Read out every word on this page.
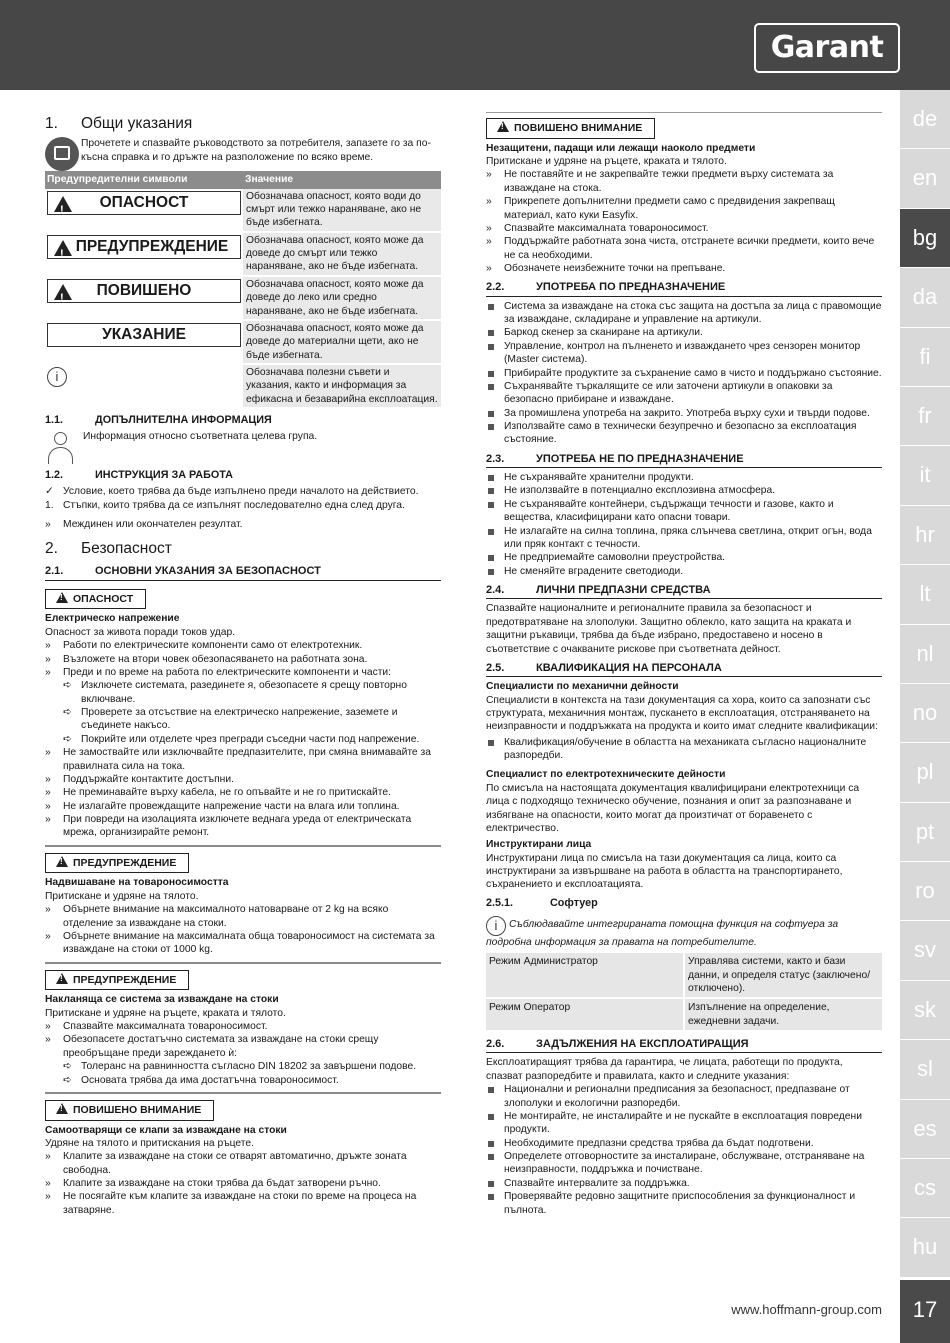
Garant
de
en
bg
da
fi
fr
it
hr
lt
nl
no
pl
pt
ro
sv
sk
sl
es
cs
hu
17
www.hoffmann-group.com
1. Общи указания

Прочетете и спазвайте ръководството за потребителя, запазете го за по-късна справка и го дръжте на разположение по всяко време.

Предупредителни символи	Значение

!
ОПАСНОСТ	Обозначава опасност, която води до смърт или тежко нараняване, ако не бъде избегната.

!
ПРЕДУПРЕЖДЕНИЕ	Обозначава опасност, която може да доведе до смърт или тежко нараняване, ако не бъде избегната.

!
ПОВИШЕНО	Обозначава опасност, която може да доведе до леко или средно нараняване, ако не бъде избегната.

УКАЗАНИЕ	Обозначава опасност, която може да доведе до материални щети, ако не бъде избегната.
i	Обозначава полезни съвети и указания, както и информация за ефикасна и безаварийна експлоатация.
1.1.	ДОПЪЛНИТЕЛНА ИНФОРМАЦИЯ

Информация относно съответната целева група.

1.2.	ИНСТРУКЦИЯ ЗА РАБОТА
✓ Условие, което трябва да бъде изпълнено преди началото на действието.
1. Стъпки, които трябва да се изпълнят последователно една след друга.
» Междинен или окончателен резултат.
2. Безопасност
2.1.	ОСНОВНИ УКАЗАНИЯ ЗА БЕЗОПАСНОСТ
!ОПАСНОСТ

Електрическо напрежение

Опасност за живота поради токов удар.

» Работи по електрическите компоненти само от електротехник.
» Възложете на втори човек обезопасяването на работната зона.
» Преди и по време на работа по електрическите компоненти и части:
➪ Изключете системата, разединете я, обезопасете я срещу повторно включване.
➪ Проверете за отсъствие на електрическо напрежение, заземете и съединете накъсо.
➪ Покрийте или отделете чрез прегради съседни части под напрежение.
» Не замоствайте или изключвайте предпазителите, при смяна внимавайте за правилната сила на тока.
» Поддържайте контактите достъпни.
» Не преминавайте върху кабела, не го опъвайте и не го притискайте.
» Не излагайте провеждащите напрежение части на влага или топлина.
» При повреди на изолацията изключете веднага уреда от електрическата мрежа, организирайте ремонт.
!ПРЕДУПРЕЖДЕНИЕ

Надвишаване на товароносимостта

Притискане и удряне на тялото.

» Обърнете внимание на максималното натоварване от 2 kg на всяко отделение за изваждане на стоки.
» Обърнете внимание на максималната обща товароносимост на системата за изваждане на стоки от 1000 kg.
!ПРЕДУПРЕЖДЕНИЕ

Накланяща се система за изваждане на стоки

Притискане и удряне на ръцете, краката и тялото.

» Спазвайте максималната товароносимост.
» Обезопасете достатъчно системата за изваждане на стоки срещу преобръщане преди зареждането ѝ:
➪ Толеранс на равнинността съгласно DIN 18202 за завършени подове.
➪ Основата трябва да има достатъчна товароносимост.
!ПОВИШЕНО ВНИМАНИЕ

Самоотварящи се клапи за изваждане на стоки

Удряне на тялото и притискания на ръцете.

» Клапите за изваждане на стоки се отварят автоматично, дръжте зоната свободна.
» Клапите за изваждане на стоки трябва да бъдат затворени ръчно.
» Не посягайте към клапите за изваждане на стоки по време на процеса на затваряне.
!ПОВИШЕНО ВНИМАНИЕ

Незащитени, падащи или лежащи наоколо предмети

Притискане и удряне на ръцете, краката и тялото.

» Не поставяйте и не закрепвайте тежки предмети върху системата за изваждане на стока.
» Прикрепете допълнителни предмети само с предвидения закрепващ материал, като куки Easyfix.
» Спазвайте максималната товароносимост.
» Поддържайте работната зона чиста, отстранете всички предмети, които вече не са необходими.
» Обозначете неизбежните точки на препъване.
2.2.	УПОТРЕБА ПО ПРЕДНАЗНАЧЕНИЕ
Система за изваждане на стока със защита на достъпа за лица с правомощие за изваждане, складиране и управление на артикули.
Баркод скенер за сканиране на артикули.
Управление, контрол на пълненето и изваждането чрез сензорен монитор (Master система).
Прибирайте продуктите за съхранение само в чисто и поддържано състояние.
Съхранявайте търкалящите се или заточени артикули в опаковки за безопасно прибиране и изваждане.
За промишлена употреба на закрито. Употреба върху сухи и твърди подове.
Използвайте само в технически безупречно и безопасно за експлоатация състояние.
2.3.	УПОТРЕБА НЕ ПО ПРЕДНАЗНАЧЕНИЕ
Не съхранявайте хранителни продукти.
Не използвайте в потенциално експлозивна атмосфера.
Не съхранявайте контейнери, съдържащи течности и газове, както и вещества, класифицирани като опасни товари.
Не излагайте на силна топлина, пряка слънчева светлина, открит огън, вода или пряк контакт с течности.
Не предприемайте самоволни преустройства.
Не сменяйте вградените светодиоди.
2.4.	ЛИЧНИ ПРЕДПАЗНИ СРЕДСТВА

Спазвайте националните и регионалните правила за безопасност и предотвратяване на злополуки. Защитно облекло, като защита на краката и защитни ръкавици, трябва да бъде избрано, предоставено и носено в съответствие с очакваните рискове при съответната дейност.

2.5.	КВАЛИФИКАЦИЯ НА ПЕРСОНАЛА

Специалисти по механични дейности

Специалисти в контекста на тази документация са хора, които са запознати със структурата, механичния монтаж, пускането в експлоатация, отстраняването на неизправности и поддръжката на продукта и които имат следните квалификации:

Квалификация/обучение в областта на механиката съгласно националните разпоредби.

Специалист по електротехническите дейности

По смисъла на настоящата документация квалифицирани електротехници са лица с подходящо техническо обучение, познания и опит за разпознаване и избягване на опасности, които могат да произтичат от боравенето с електричество.

Инструктирани лица

Инструктирани лица по смисъла на тази документация са лица, които са инструктирани за извършване на работа в областта на транспортирането, съхранението и експлоатацията.

2.5.1.	Софтуер

i Съблюдавайте интегрираната помощна функция на софтуера за подробна информация за правата на потребителите.

Режим Администратор	Управлява системи, както и бази данни, и определя статус (заключено/отключено).
Режим Оператор	Изпълнение на определение, ежедневни задачи.
2.6.	ЗАДЪЛЖЕНИЯ НА ЕКСПЛОАТИРАЩИЯ

Експлоатиращият трябва да гарантира, че лицата, работещи по продукта, спазват разпоредбите и правилата, както и следните указания:

Национални и регионални предписания за безопасност, предпазване от злополуки и екологични разпоредби.
Не монтирайте, не инсталирайте и не пускайте в експлоатация повредени продукти.
Необходимите предпазни средства трябва да бъдат подготвени.
Определете отговорностите за инсталиране, обслужване, отстраняване на неизправности, поддръжка и почистване.
Спазвайте интервалите за поддръжка.
Проверявайте редовно защитните приспособления за функционалност и пълнота.
